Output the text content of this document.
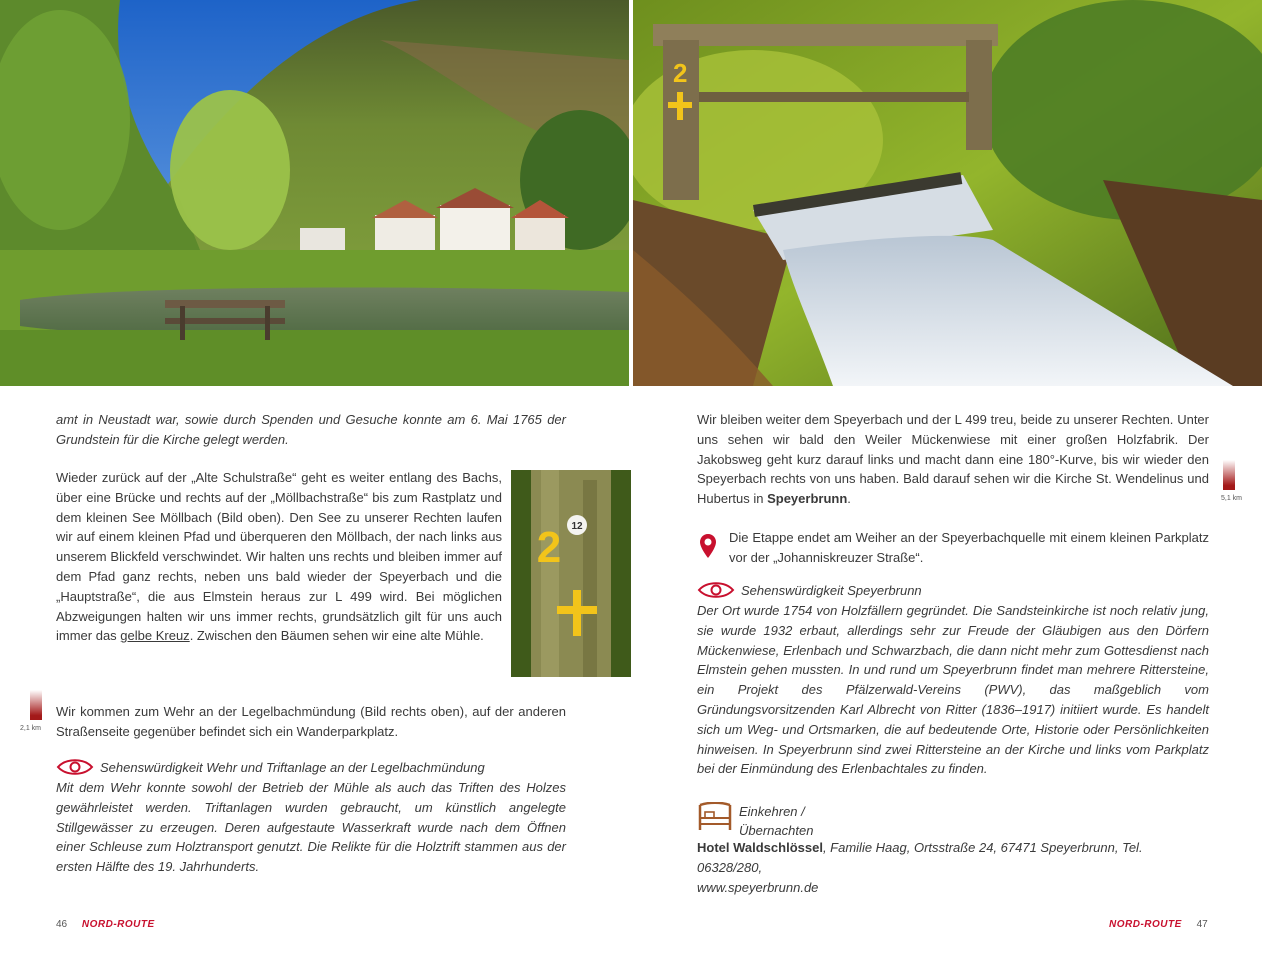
amt in Neustadt war, sowie durch Spenden und Gesuche konnte am 6. Mai 1765 der Grundstein für die Kirche gelegt werden.
Wieder zurück auf der „Alte Schulstraße“ geht es weiter entlang des Bachs, über eine Brücke und rechts auf der „Möllbachstraße“ bis zum Rastplatz und dem kleinen See Möllbach (Bild oben). Den See zu unserer Rechten laufen wir auf einem kleinen Pfad und überqueren den Möllbach, der nach links aus unserem Blickfeld verschwindet. Wir halten uns rechts und bleiben immer auf dem Pfad ganz rechts, neben uns bald wieder der Speyerbach und die „Hauptstraße“, die aus Elmstein heraus zur L 499 wird. Bei möglichen Abzweigungen halten wir uns immer rechts, grundsätzlich gilt für uns auch immer das gelbe Kreuz. Zwischen den Bäumen sehen wir eine alte Mühle.
12
2
2,1 km
Wir kommen zum Wehr an der Legelbachmündung (Bild rechts oben), auf der anderen Straßenseite gegenüber befindet sich ein Wanderparkplatz.
Sehenswürdigkeit Wehr und Triftanlage an der Legelbachmündung
Mit dem Wehr konnte sowohl der Betrieb der Mühle als auch das Triften des Holzes gewährleistet werden. Triftanlagen wurden gebraucht, um künstlich angelegte Stillgewässer zu erzeugen. Deren aufgestaute Wasserkraft wurde nach dem Öffnen einer Schleuse zum Holztransport genutzt. Die Relikte für die Holztrift stammen aus der ersten Hälfte des 19. Jahrhunderts.
46 NORD-ROUTE
2
Wir bleiben weiter dem Speyerbach und der L 499 treu, beide zu unserer Rechten. Unter uns sehen wir bald den Weiler Mückenwiese mit einer großen Holzfabrik. Der Jakobsweg geht kurz darauf links und macht dann eine 180°-Kurve, bis wir wieder den Speyerbach rechts von uns haben. Bald darauf sehen wir die Kirche St. Wendelinus und Hubertus in Speyerbrunn.	5,1 km
Die Etappe endet am Weiher an der Speyerbachquelle mit einem kleinen Parkplatz vor der „Johanniskreuzer Straße“.
Sehenswürdigkeit Speyerbrunn
Der Ort wurde 1754 von Holzfällern gegründet. Die Sandsteinkirche ist noch relativ jung, sie wurde 1932 erbaut, allerdings sehr zur Freude der Gläubigen aus den Dörfern Mückenwiese, Erlenbach und Schwarzbach, die dann nicht mehr zum Gottesdienst nach Elmstein gehen mussten. In und rund um Speyerbrunn findet man mehrere Rittersteine, ein Projekt des Pfälzerwald-Vereins (PWV), das maßgeblich vom Gründungsvorsitzenden Karl Albrecht von Ritter (1836–1917) initiiert wurde. Es handelt sich um Weg- und Ortsmarken, die auf bedeutende Orte, Historie oder Persönlichkeiten hinweisen. In Speyerbrunn sind zwei Rittersteine an der Kirche und links vom Parkplatz bei der Einmündung des Erlenbachtales zu finden.
Einkehren /
Übernachten
Hotel Waldschlössel, Familie Haag, Ortsstraße 24, 67471 Speyerbrunn, Tel. 06328/280,
www.speyerbrunn.de
NORD-ROUTE 47
